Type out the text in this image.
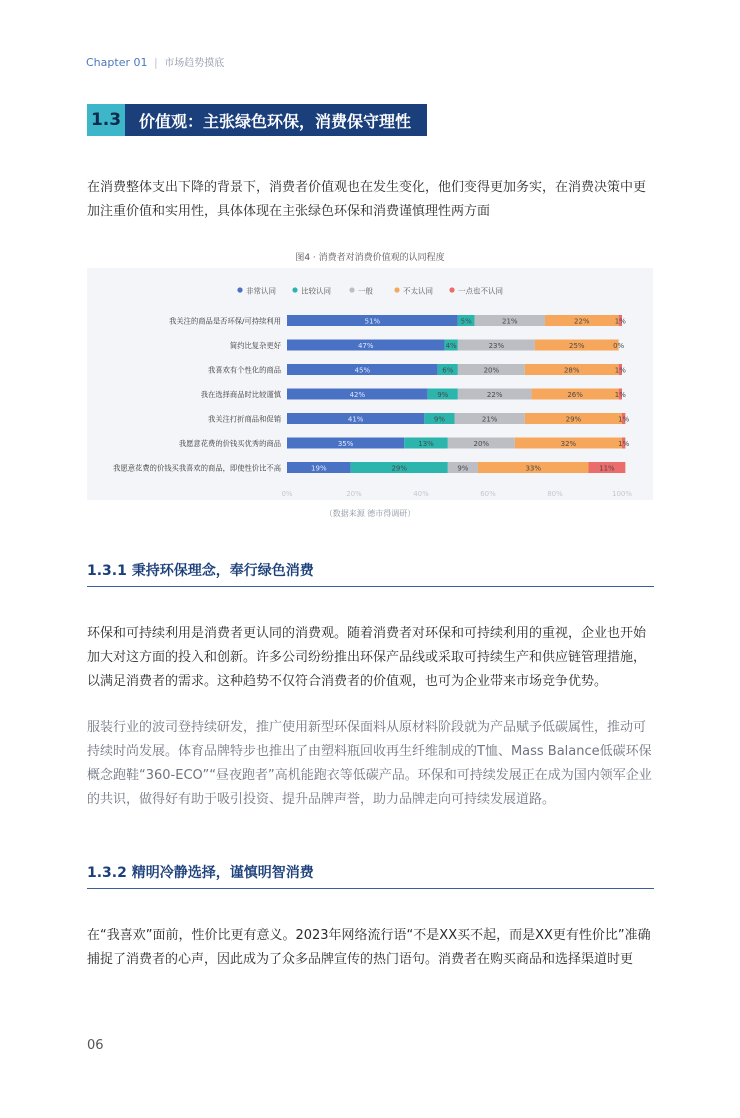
Chapter 01 | 市场趋势摸底
1.3	价值观：主张绿色环保，消费保守理性

在消费整体支出下降的背景下，消费者价值观也在发生变化，他们变得更加务实，在消费决策中更加注重价值和实用性，具体体现在主张绿色环保和消费谨慎理性两方面

图4 · 消费者对消费价值观的认同程度
非常认同	比较认同	一般	不太认同	一点也不认同
我关注的商品是否环保/可持续利用	51%	5%	21%	22%	1%
简约比复杂更好	47%	4%	23%	25%	0%
我喜欢有个性化的商品	45%	6%	20%	28%	1%
我在选择商品时比较谨慎	42%	9%	22%	26%	1%
我关注打折商品和促销	41%	9%	21%	29%	1%
我愿意花费的价钱买优秀的商品	35%	13%	20%	32%	1%
我愿意花费的价钱买我喜欢的商品，即使性价比不高	19%	29%	9%	33%	11%
0%	20%	40%	60%	80%	100%
（数据来源 德市得调研）
1.3.1 秉持环保理念，奉行绿色消费

环保和可持续利用是消费者更认同的消费观。随着消费者对环保和可持续利用的重视，企业也开始加大对这方面的投入和创新。许多公司纷纷推出环保产品线或采取可持续生产和供应链管理措施，以满足消费者的需求。这种趋势不仅符合消费者的价值观，也可为企业带来市场竞争优势。

服装行业的波司登持续研发，推广使用新型环保面料从原材料阶段就为产品赋予低碳属性，推动可持续时尚发展。体育品牌特步也推出了由塑料瓶回收再生纤维制成的T恤、Mass Balance低碳环保概念跑鞋“360-ECO”“昼夜跑者”高机能跑衣等低碳产品。环保和可持续发展正在成为国内领军企业的共识，做得好有助于吸引投资、提升品牌声誉，助力品牌走向可持续发展道路。

1.3.2 精明冷静选择，谨慎明智消费

在“我喜欢”面前，性价比更有意义。2023年网络流行语“不是XX买不起，而是XX更有性价比”准确捕捉了消费者的心声，因此成为了众多品牌宣传的热门语句。消费者在购买商品和选择渠道时更

06
